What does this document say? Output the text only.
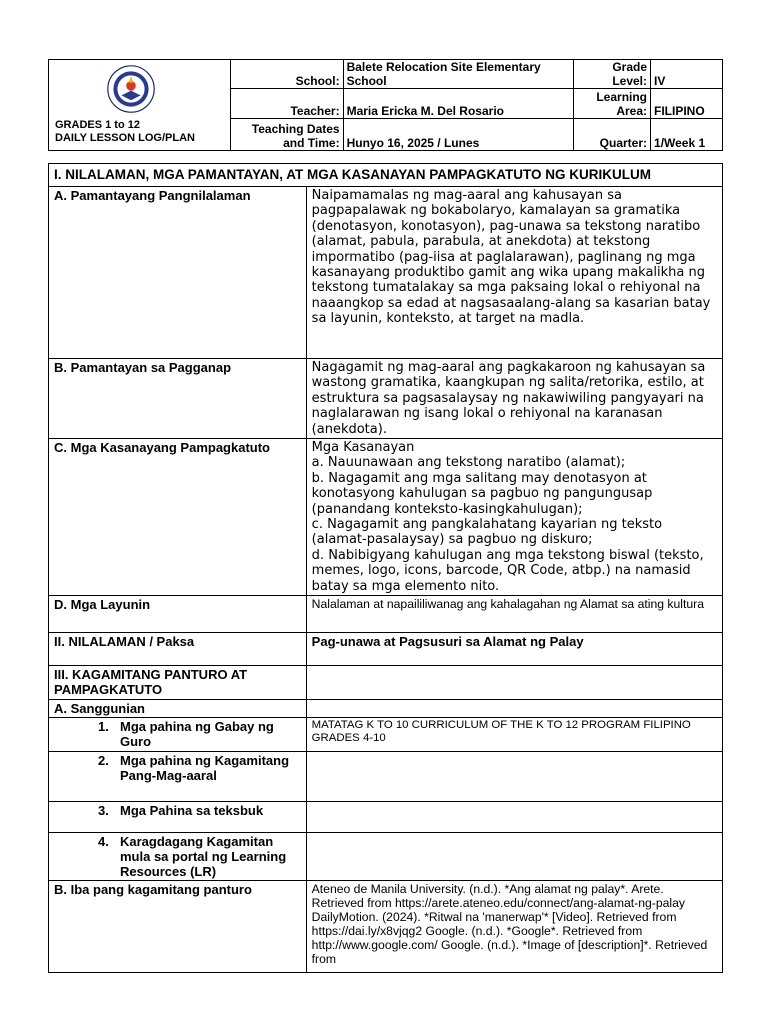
GRADES 1 to 12
DAILY LESSON LOG/PLAN	School:	Balete Relocation Site Elementary School	Grade Level:	IV
	Teacher:	Maria Ericka M. Del Rosario	Learning Area:	FILIPINO
	Teaching Dates and Time:	Hunyo 16, 2025 / Lunes	Quarter:	1/Week 1
I. NILALAMAN, MGA PAMANTAYAN, AT MGA KASANAYAN PAMPAGKATUTO NG KURIKULUM	
A. Pamantayang Pangnilalaman	Naipamamalas ng mag-aaral ang kahusayan sa pagpapalawak ng bokabolaryo, kamalayan sa gramatika (denotasyon, konotasyon), pag-unawa sa tekstong naratibo (alamat, pabula, parabula, at anekdota) at tekstong impormatibo (pag-iisa at paglalarawan), paglinang ng mga kasanayang produktibo gamit ang wika upang makalikha ng tekstong tumatalakay sa mga paksaing lokal o rehiyonal na naaangkop sa edad at nagsasaalang-alang sa kasarian batay sa layunin, konteksto, at target na madla.
B. Pamantayan sa Pagganap	Nagagamit ng mag-aaral ang pagkakaroon ng kahusayan sa wastong gramatika, kaangkupan ng salita/retorika, estilo, at estruktura sa pagsasalaysay ng nakawiwiling pangyayari na naglalarawan ng isang lokal o rehiyonal na karanasan (anekdota).
C. Mga Kasanayang Pampagkatuto	Mga Kasanayan
a. Nauunawaan ang tekstong naratibo (alamat);
b. Nagagamit ang mga salitang may denotasyon at konotasyong kahulugan sa pagbuo ng pangungusap (panandang konteksto-kasingkahulugan);
c. Nagagamit ang pangkalahatang kayarian ng teksto (alamat-pasalaysay) sa pagbuo ng diskuro;
d. Nabibigyang kahulugan ang mga tekstong biswal (teksto, memes, logo, icons, barcode, QR Code, atbp.) na namasid batay sa mga elemento nito.

D. Mga Layunin	Nalalaman at napaililiwanag ang kahalagahan ng Alamat sa ating kultura
II. NILALAMAN / Paksa	Pag-unawa at Pagsusuri sa Alamat ng Palay
III. KAGAMITANG PANTURO AT PAMPAGKATUTO	
A. Sanggunian	

1. Mga pahina ng Gabay ng Guro	MATATAG K TO 10 CURRICULUM OF THE K TO 12 PROGRAM FILIPINO GRADES 4-10

2. Mga pahina ng Kagamitang Pang-Mag-aaral	

3. Mga Pahina sa teksbuk	

4. Karagdagang Kagamitan mula sa portal ng Learning Resources (LR)	

B. Iba pang kagamitang panturo	Ateneo de Manila University. (n.d.). *Ang alamat ng palay*. Arete. Retrieved from https://arete.ateneo.edu/connect/ang-alamat-ng-palay DailyMotion. (2024). *Ritwal na 'manerwap'* [Video]. Retrieved from https://dai.ly/x8vjqg2 Google. (n.d.). *Google*. Retrieved from http://www.google.com/ Google. (n.d.). *Image of [description]*. Retrieved from
